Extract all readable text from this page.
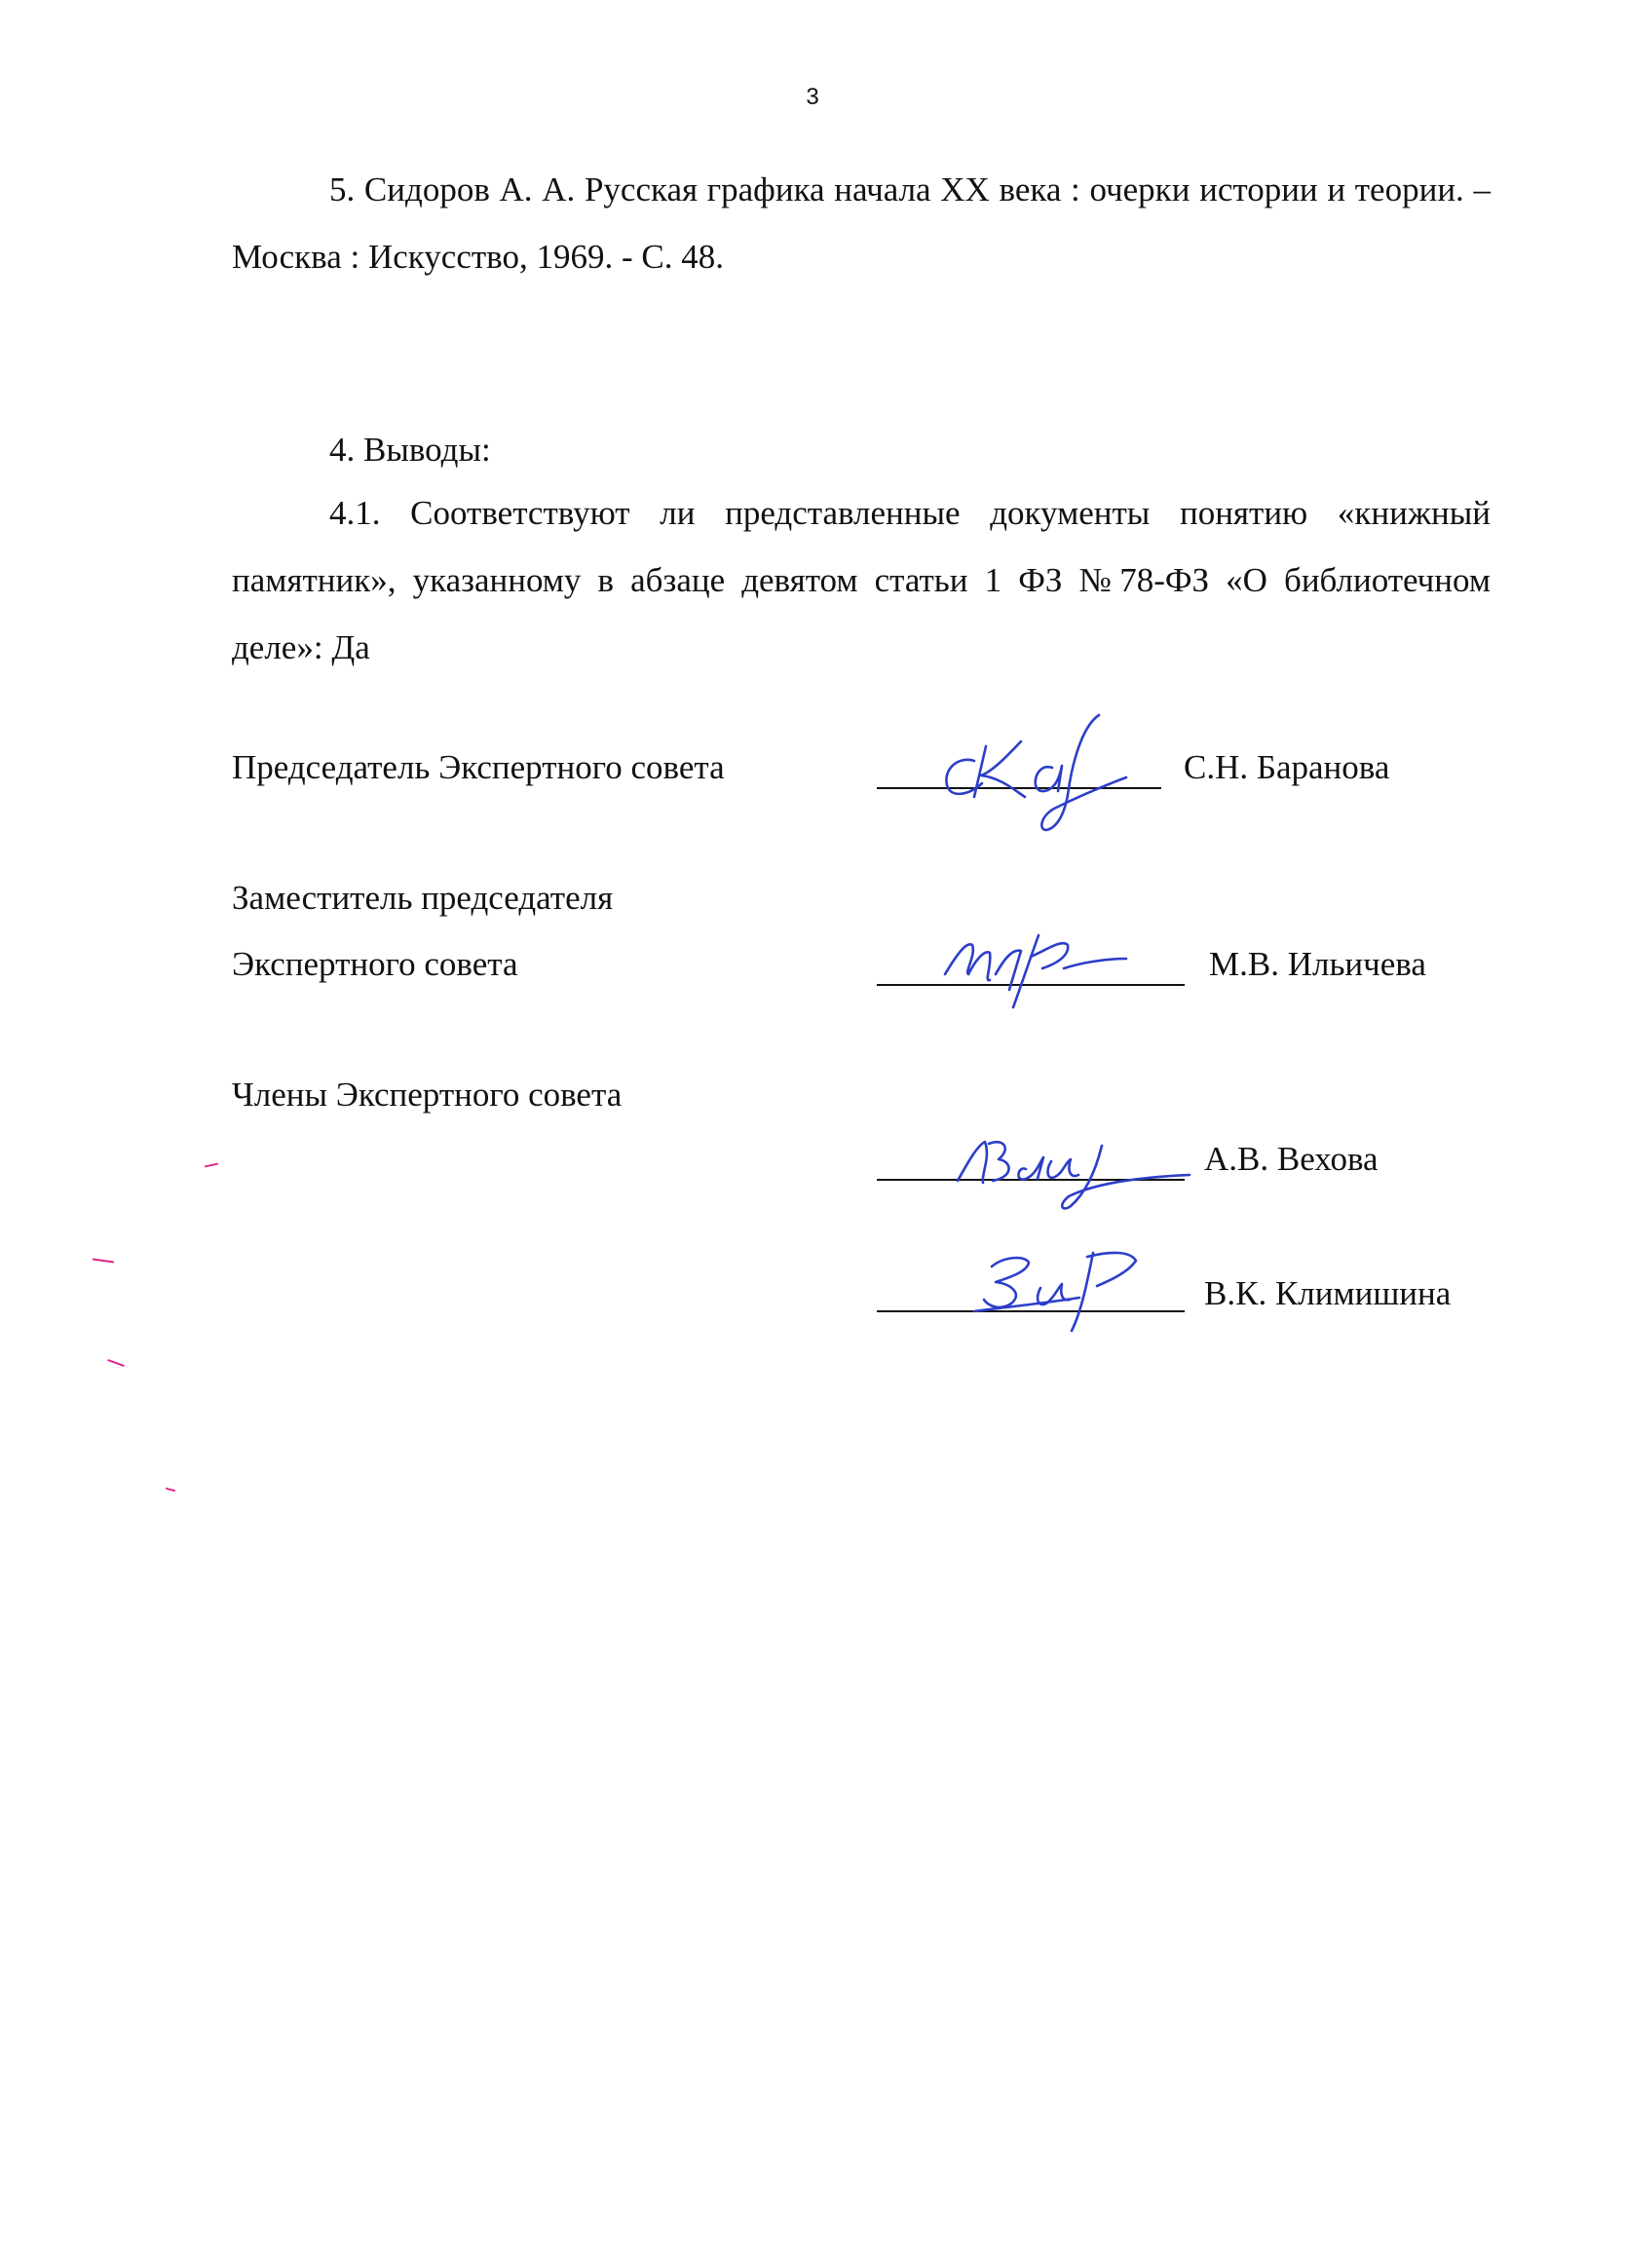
3

5. Сидоров А. А. Русская графика начала XX века : очерки истории и теории. – Москва : Искусство, 1969. - С. 48.

4. Выводы:

4.1. Соответствуют ли представленные документы понятию «книжный памятник», указанному в абзаце девятом статьи 1 ФЗ №78-ФЗ «О библиотечном деле»: Да

Председатель Экспертного совета	С.Н. Баранова
Заместитель председателя
Экспертного совета	М.В. Ильичева
Члены Экспертного совета
А.В. Вехова
В.К. Климишина
